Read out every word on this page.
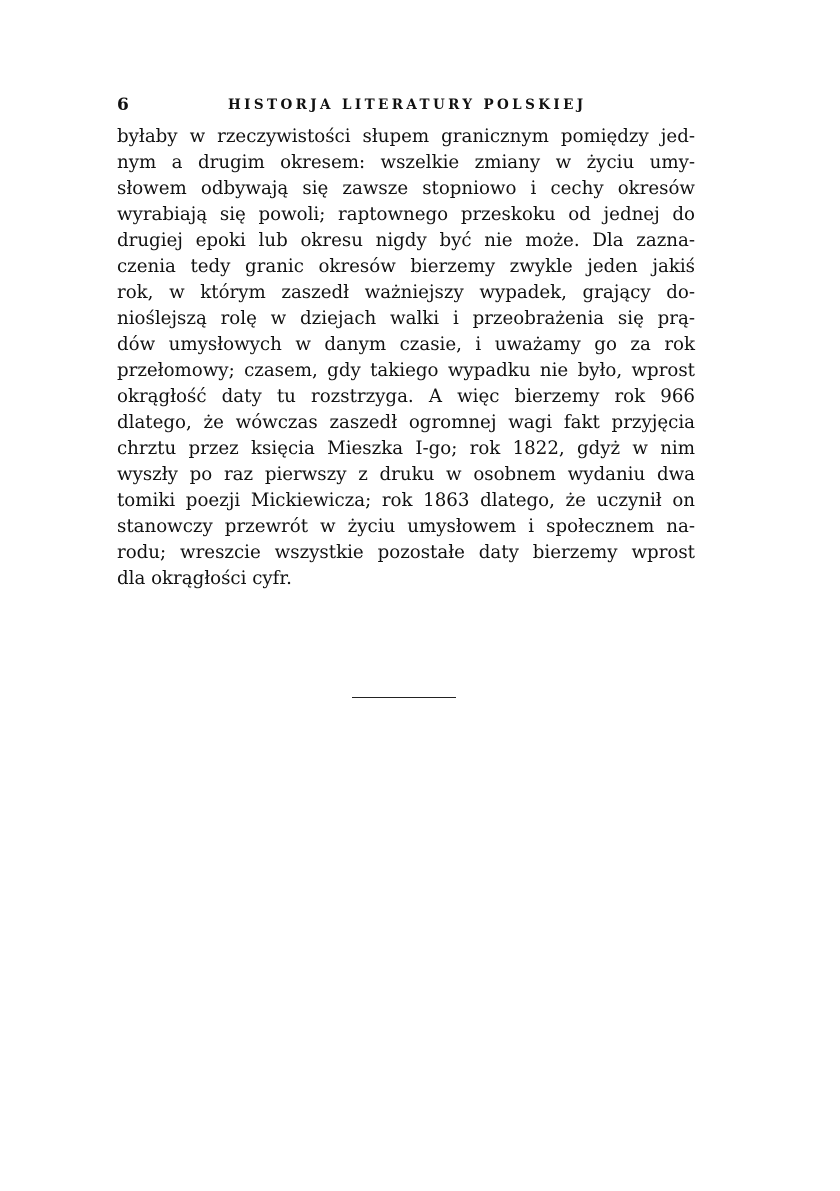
6	HISTORJA LITERATURY POLSKIEJ
byłaby w rzeczywistości słupem granicznym pomiędzy jed-
nym a drugim okresem: wszelkie zmiany w życiu umy-
słowem odbywają się zawsze stopniowo i cechy okresów
wyrabiają się powoli; raptownego przeskoku od jednej do
drugiej epoki lub okresu nigdy być nie może. Dla zazna-
czenia tedy granic okresów bierzemy zwykle jeden jakiś
rok, w którym zaszedł ważniejszy wypadek, grający do-
nioślejszą rolę w dziejach walki i przeobrażenia się prą-
dów umysłowych w danym czasie, i uważamy go za rok
przełomowy; czasem, gdy takiego wypadku nie było, wprost
okrągłość daty tu rozstrzyga. A więc bierzemy rok 966
dlatego, że wówczas zaszedł ogromnej wagi fakt przyjęcia
chrztu przez księcia Mieszka I-go; rok 1822, gdyż w nim
wyszły po raz pierwszy z druku w osobnem wydaniu dwa
tomiki poezji Mickiewicza; rok 1863 dlatego, że uczynił on
stanowczy przewrót w życiu umysłowem i społecznem na-
rodu; wreszcie wszystkie pozostałe daty bierzemy wprost
dla okrągłości cyfr.
